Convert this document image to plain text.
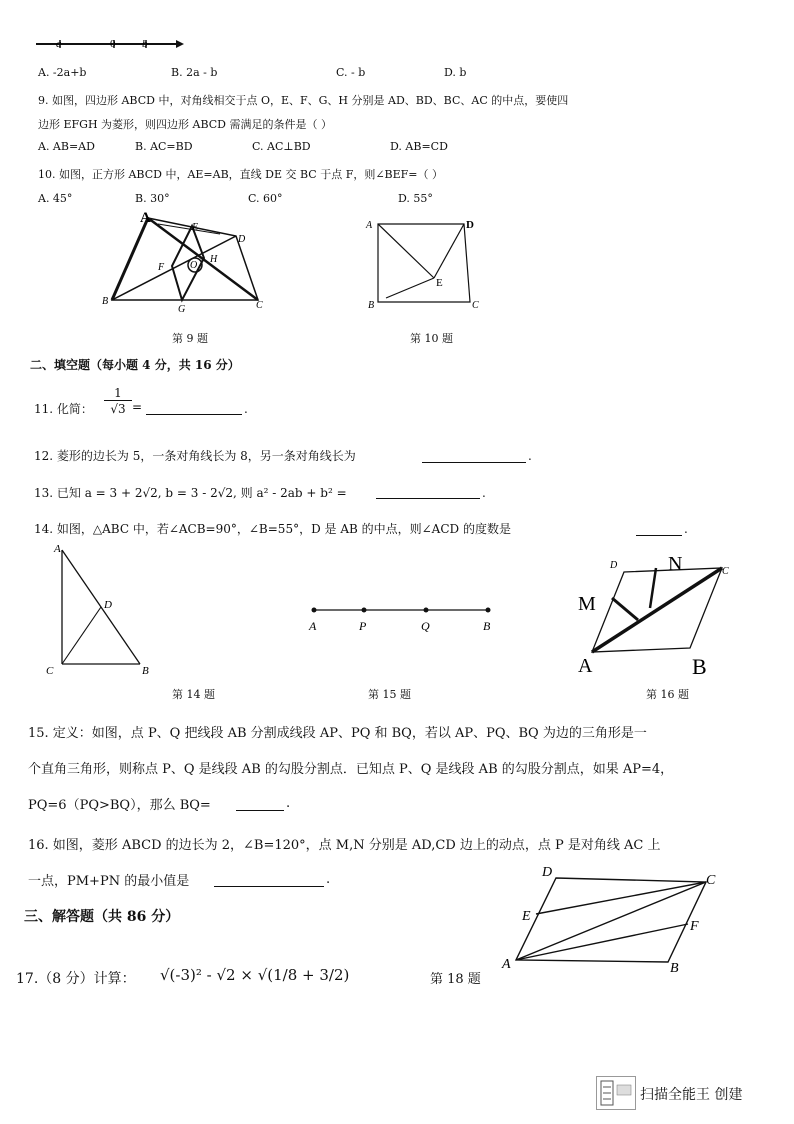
a	0 b
A. -2a+b	B. 2a - b	C. - b	D. b
9. 如图，四边形 ABCD 中，对角线相交于点 O，E、F、G、H 分别是 AD、BD、BC、AC 的中点，要使四
边形 EFGH 为菱形，则四边形 ABCD 需满足的条件是（ ）
A. AB=AD	B. AC=BD	C. AC⊥BD	D. AB=CD
10. 如图，正方形 ABCD 中，AE=AB，直线 DE 交 BC 于点 F，则∠BEF=（ ）
A. 45°	B. 30°	C. 60°	D. 55°
A
E
D
F	O
H
B
G	C
第 9 题
A	D
E
B	C
第 10 题
二、填空题（每小题 4 分，共 16 分）
11. 化简： $\frac{1}{√3}$ =	.
12. 菱形的边长为 5，一条对角线长为 8，另一条对角线长为	.
13. 已知 a = 3 + 2√2, b = 3 - 2√2, 则 a² - 2ab + b² =	.
14. 如图，△ABC 中，若∠ACB=90°，∠B=55°，D 是 AB 的中点，则∠ACD 的度数是	.
A
D
C	B
第 14 题
A	P	Q	B
第 15 题
D	N	C
M
A	B
第 16 题
15. 定义：如图，点 P、Q 把线段 AB 分割成线段 AP、PQ 和 BQ，若以 AP、PQ、BQ 为边的三角形是一
个直角三角形，则称点 P、Q 是线段 AB 的勾股分割点．已知点 P、Q 是线段 AB 的勾股分割点，如果 AP=4，
PQ=6（PQ>BQ），那么 BQ=	.
16. 如图，菱形 ABCD 的边长为 2，∠B=120°，点 M,N 分别是 AD,CD 边上的动点，点 P 是对角线 AC 上
一点，PM+PN 的最小值是	.
三、解答题（共 86 分）
D
C
E
F
A	B
第 18 题
17.（8 分）计算： √(-3)² - √2 × √(1/8 + 3/2)
扫描全能王 创建
